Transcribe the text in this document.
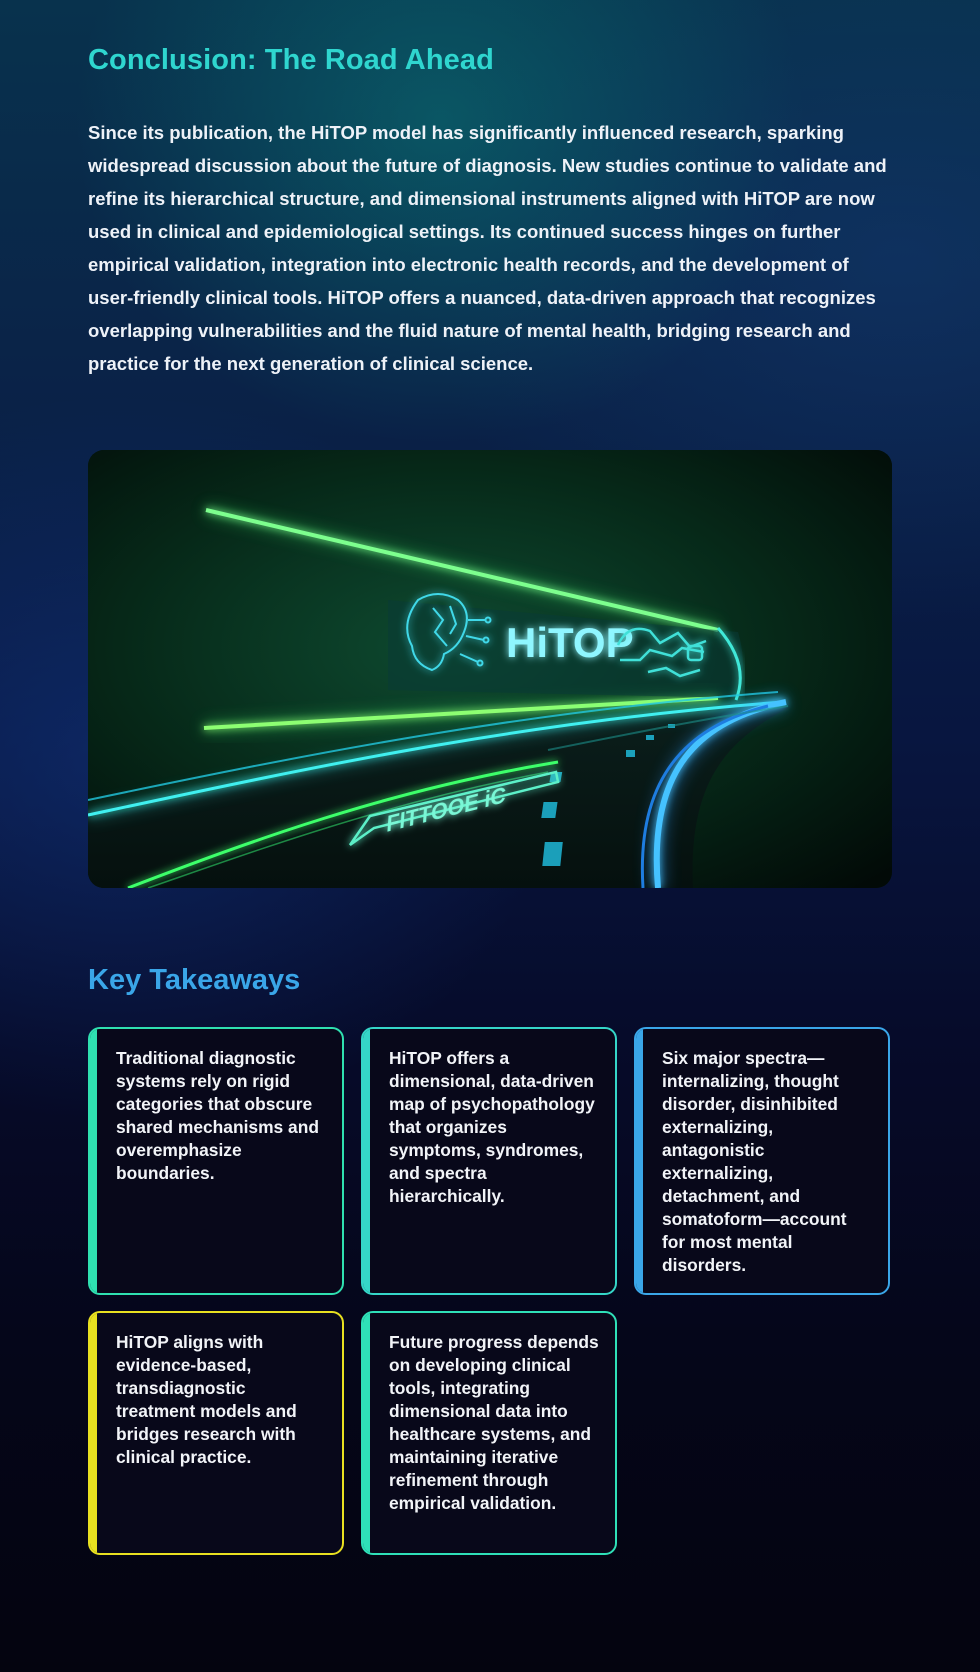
Conclusion: The Road Ahead

Since its publication, the HiTOP model has significantly influenced research, sparking widespread discussion about the future of diagnosis. New studies continue to validate and refine its hierarchical structure, and dimensional instruments aligned with HiTOP are now used in clinical and epidemiological settings. Its continued success hinges on further empirical validation, integration into electronic health records, and the development of user-friendly clinical tools. HiTOP offers a nuanced, data-driven approach that recognizes overlapping vulnerabilities and the fluid nature of mental health, bridging research and practice for the next generation of clinical science.

HiTOP
FITTOOE iC
Key Takeaways

Traditional diagnostic systems rely on rigid categories that obscure shared mechanisms and overemphasize boundaries.

HiTOP offers a dimensional, data-driven map of psychopathology that organizes symptoms, syndromes, and spectra hierarchically.

Six major spectra—internalizing, thought disorder, disinhibited externalizing, antagonistic externalizing, detachment, and somatoform—account for most mental disorders.

HiTOP aligns with evidence-based, transdiagnostic treatment models and bridges research with clinical practice.

Future progress depends on developing clinical tools, integrating dimensional data into healthcare systems, and maintaining iterative refinement through empirical validation.
